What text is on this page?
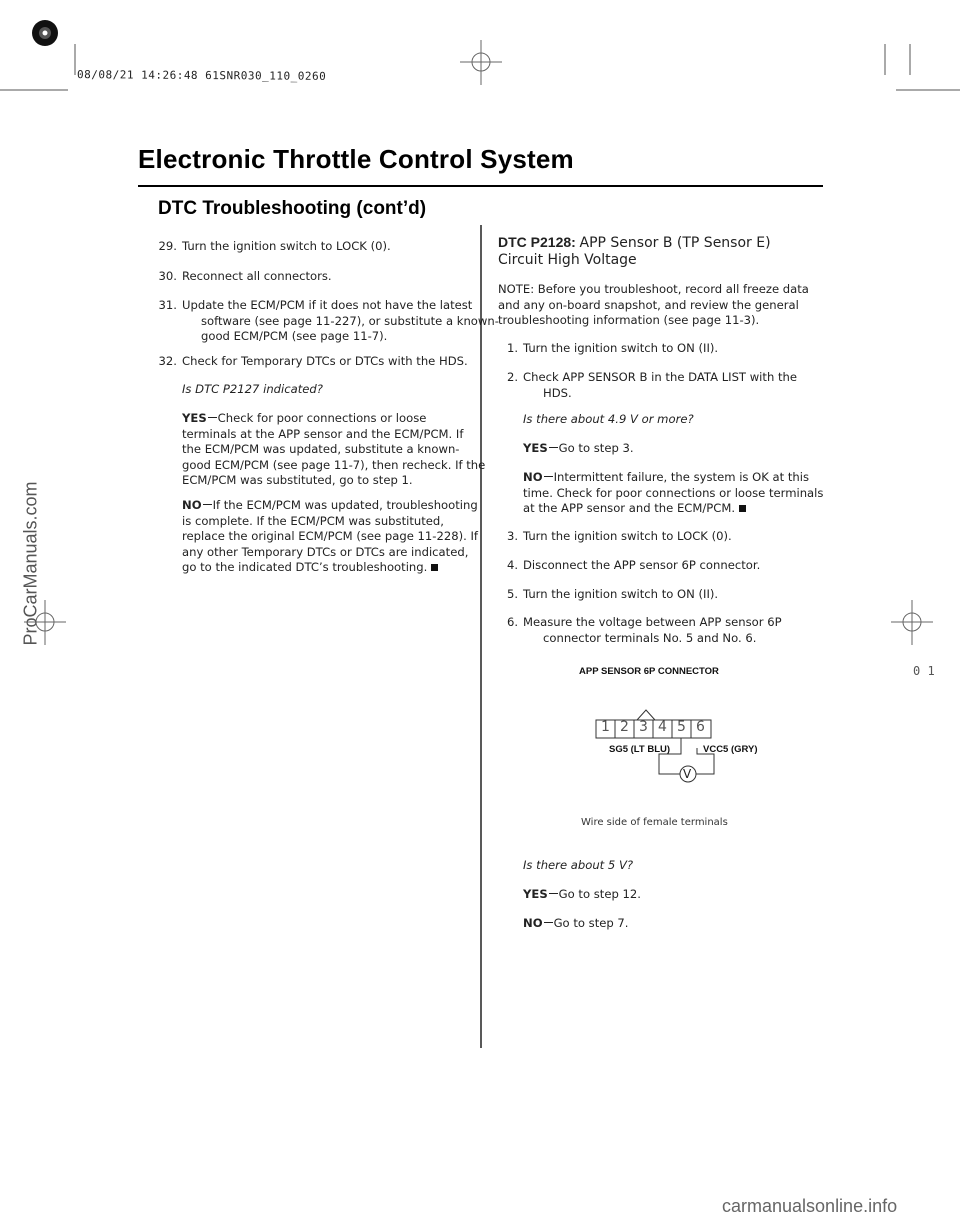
08/08/21 14:26:48 61SNR030_110_0260
Electronic Throttle Control System
DTC Troubleshooting (cont’d)
29. Turn the ignition switch to LOCK (0).
30. Reconnect all connectors.
31. Update the ECM/PCM if it does not have the latest
software (see page 11-227), or substitute a known-
good ECM/PCM (see page 11-7).
32. Check for Temporary DTCs or DTCs with the HDS.
Is DTC P2127 indicated?
YES Check for poor connections or loose
terminals at the APP sensor and the ECM/PCM. If
the ECM/PCM was updated, substitute a known-
good ECM/PCM (see page 11-7), then recheck. If the
ECM/PCM was substituted, go to step 1.
NO If the ECM/PCM was updated, troubleshooting
is complete. If the ECM/PCM was substituted,
replace the original ECM/PCM (see page 11-228). If
any other Temporary DTCs or DTCs are indicated,
go to the indicated DTC’s troubleshooting.
DTC P2128: APP Sensor B (TP Sensor E)
Circuit High Voltage
NOTE: Before you troubleshoot, record all freeze data
and any on-board snapshot, and review the general
troubleshooting information (see page 11-3).
1. Turn the ignition switch to ON (II).
2. Check APP SENSOR B in the DATA LIST with the
HDS.
Is there about 4.9 V or more?
YES Go to step 3.
NO Intermittent failure, the system is OK at this
time. Check for poor connections or loose terminals
at the APP sensor and the ECM/PCM.
3. Turn the ignition switch to LOCK (0).
4. Disconnect the APP sensor 6P connector.
5. Turn the ignition switch to ON (II).
6. Measure the voltage between APP sensor 6P
connector terminals No. 5 and No. 6.
APP SENSOR 6P CONNECTOR
1 2 3 4 5 6
SG5 (LT BLU)	VCC5 (GRY)
V
Wire side of female terminals
Is there about 5 V?
YES Go to step 12.
NO Go to step 7.
ProCarManuals.com
0 1
carmanualsonline.info
